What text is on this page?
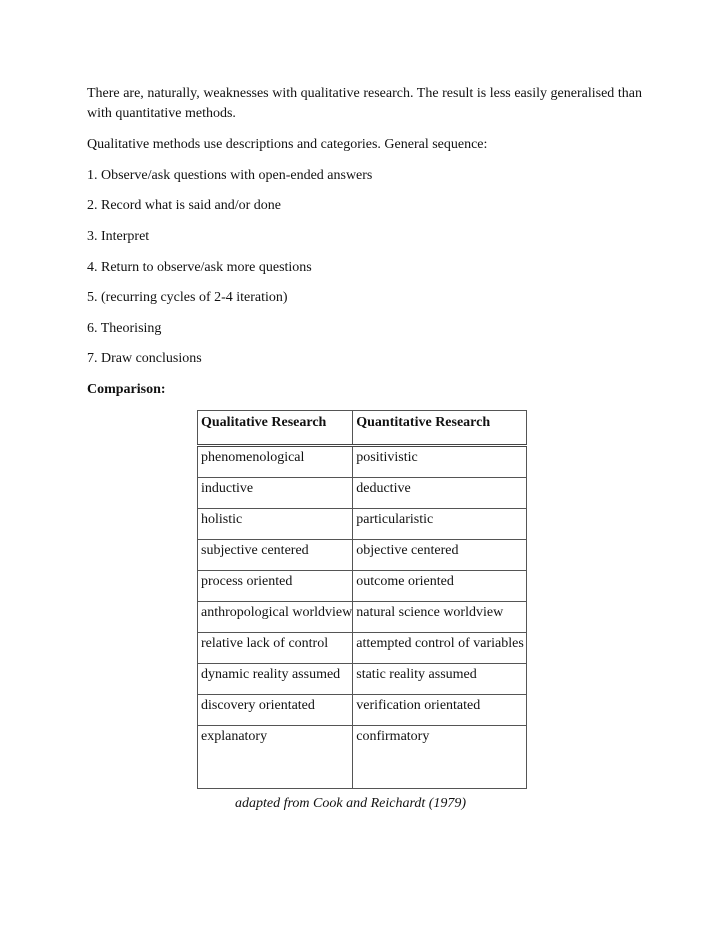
There are, naturally, weaknesses with qualitative research. The result is less easily generalised than with quantitative methods.

Qualitative methods use descriptions and categories. General sequence:

1. Observe/ask questions with open-ended answers

2. Record what is said and/or done

3. Interpret

4. Return to observe/ask more questions

5. (recurring cycles of 2-4 iteration)

6. Theorising

7. Draw conclusions

Comparison:

Qualitative Research	Quantitative Research
phenomenological	positivistic
inductive	deductive
holistic	particularistic
subjective centered	objective centered
process oriented	outcome oriented
anthropological worldview	natural science worldview
relative lack of control	attempted control of variables
dynamic reality assumed	static reality assumed
discovery orientated	verification orientated
explanatory	confirmatory
adapted from Cook and Reichardt (1979)
